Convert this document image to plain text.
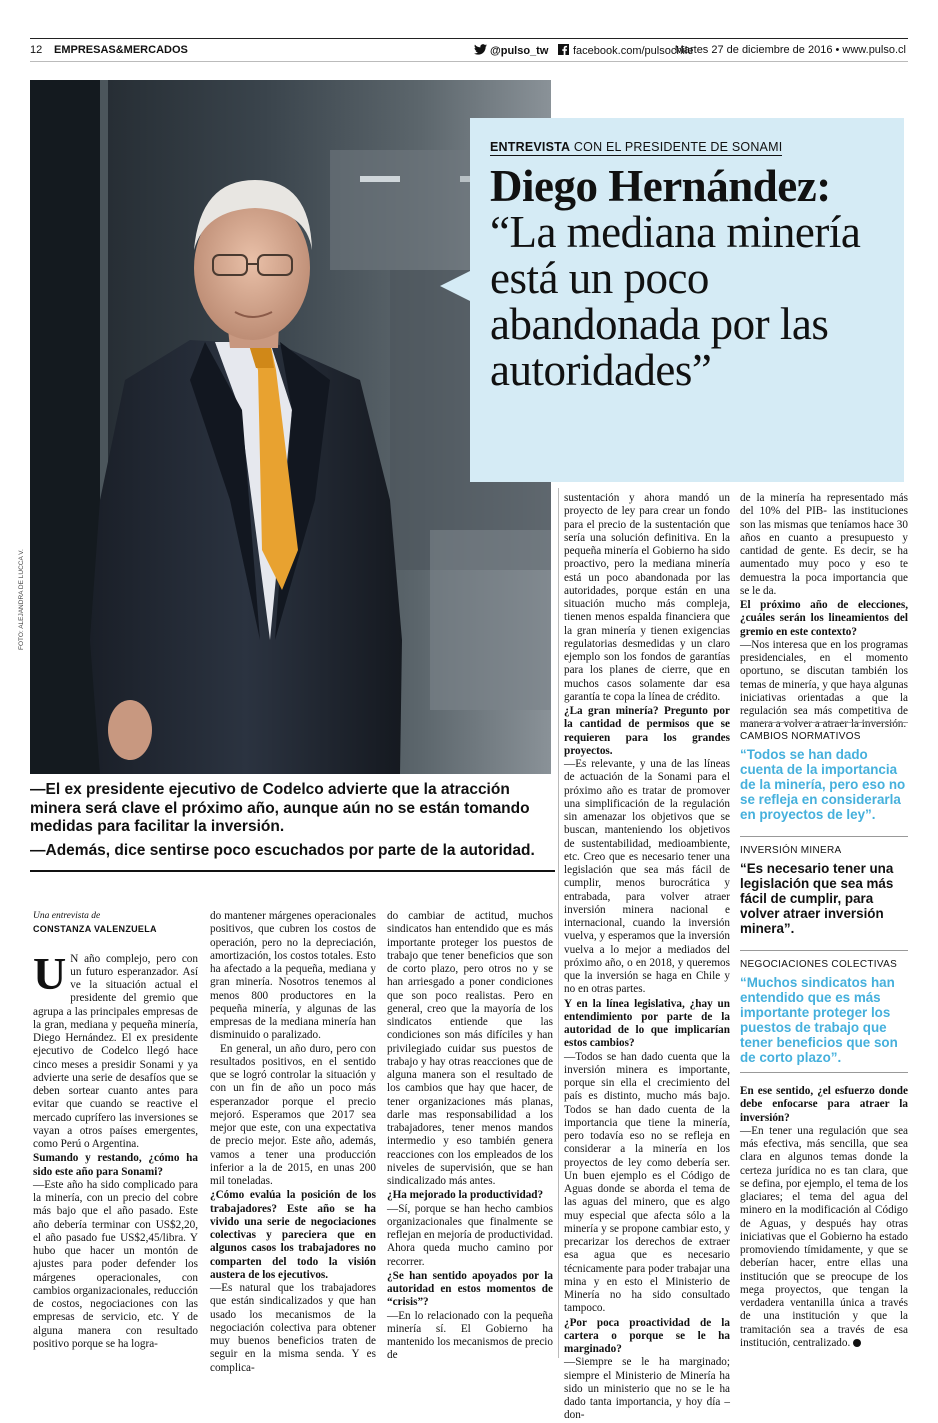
12 EMPRESAS&MERCADOS	@pulso_tw	facebook.com/pulsochile
Martes 27 de diciembre de 2016 • www.pulso.cl
FOTO: ALEJANDRA DE LUCCA V.
ENTREVISTA CON EL PRESIDENTE DE SONAMI
Diego Hernández:
“La mediana minería está un poco abandonada por las autoridades”

—El ex presidente ejecutivo de Codelco advierte que la atracción minera será clave el próximo año, aunque aún no se están tomando medidas para facilitar la inversión.

—Además, dice sentirse poco escuchados por parte de la autoridad.

Una entrevista de
CONSTANZA VALENZUELA

U N año complejo, pero con un futuro esperanzador. Así ve la situación actual el presidente del gremio que agrupa a las principales empresas de la gran, mediana y pequeña minería, Diego Hernández. El ex presidente ejecutivo de Codelco llegó hace cinco meses a presidir Sonami y ya advierte una serie de desafíos que se deben sortear cuanto antes para evitar que cuando se reactive el mercado cuprífero las inversiones se vayan a otros países emergentes, como Perú o Argentina.

Sumando y restando, ¿cómo ha sido este año para Sonami?

—Este año ha sido complicado para la minería, con un precio del cobre más bajo que el año pasado. Este año debería terminar con US$2,20, el año pasado fue US$2,45/libra. Y hubo que hacer un montón de ajustes para poder defender los márgenes operacionales, con cambios organizacionales, reducción de costos, negociaciones con las empresas de servicio, etc. Y de alguna manera con resultado positivo porque se ha logra-

do mantener márgenes operacionales positivos, que cubren los costos de operación, pero no la depreciación, amortización, los costos totales. Esto ha afectado a la pequeña, mediana y gran minería. Nosotros tenemos al menos 800 productores en la pequeña minería, y algunas de las empresas de la mediana minería han disminuido o paralizado.

En general, un año duro, pero con resultados positivos, en el sentido que se logró controlar la situación y con un fin de año un poco más esperanzador porque el precio mejoró. Esperamos que 2017 sea mejor que este, con una expectativa de precio mejor. Este año, además, vamos a tener una producción inferior a la de 2015, en unas 200 mil toneladas.

¿Cómo evalúa la posición de los trabajadores? Este año se ha vivido una serie de negociaciones colectivas y pareciera que en algunos casos los trabajadores no comparten del todo la visión austera de los ejecutivos.

—Es natural que los trabajadores que están sindicalizados y que han usado los mecanismos de la negociación colectiva para obtener muy buenos beneficios traten de seguir en la misma senda. Y es complica-

do cambiar de actitud, muchos sindicatos han entendido que es más importante proteger los puestos de trabajo que tener beneficios que son de corto plazo, pero otros no y se han arriesgado a poner condiciones que son poco realistas. Pero en general, creo que la mayoría de los sindicatos entiende que las condiciones son más difíciles y han privilegiado cuidar sus puestos de trabajo y hay otras reacciones que de alguna manera son el resultado de los cambios que hay que hacer, de tener organizaciones más planas, darle mas responsabilidad a los trabajadores, tener menos mandos intermedio y eso también genera reacciones con los empleados de los niveles de supervisión, que se han sindicalizado más antes.

¿Ha mejorado la productividad?

—Sí, porque se han hecho cambios organizacionales que finalmente se reflejan en mejoría de productividad. Ahora queda mucho camino por recorrer.

¿Se han sentido apoyados por la autoridad en estos momentos de “crisis”?

—En lo relacionado con la pequeña minería sí. El Gobierno ha mantenido los mecanismos de precio de

sustentación y ahora mandó un proyecto de ley para crear un fondo para el precio de la sustentación que sería una solución definitiva. En la pequeña minería el Gobierno ha sido proactivo, pero la mediana minería está un poco abandonada por las autoridades, porque están en una situación mucho más compleja, tienen menos espalda financiera que la gran minería y tienen exigencias regulatorias desmedidas y un claro ejemplo son los fondos de garantías para los planes de cierre, que en muchos casos solamente dar esa garantía te copa la línea de crédito.

¿La gran minería? Pregunto por la cantidad de permisos que se requieren para los grandes proyectos.

—Es relevante, y una de las líneas de actuación de la Sonami para el próximo año es tratar de promover una simplificación de la regulación sin amenazar los objetivos que se buscan, manteniendo los objetivos de sustentabilidad, medioambiente, etc. Creo que es necesario tener una legislación que sea más fácil de cumplir, menos burocrática y entrabada, para volver atraer inversión minera nacional e internacional, cuando la inversión vuelva, y esperamos que la inversión vuelva a lo mejor a mediados del próximo año, o en 2018, y queremos que la inversión se haga en Chile y no en otras partes.

Y en la línea legislativa, ¿hay un entendimiento por parte de la autoridad de lo que implicarían estos cambios?

—Todos se han dado cuenta que la inversión minera es importante, porque sin ella el crecimiento del país es distinto, mucho más bajo. Todos se han dado cuenta de la importancia que tiene la minería, pero todavía eso no se refleja en considerar a la minería en los proyectos de ley como debería ser. Un buen ejemplo es el Código de Aguas donde se aborda el tema de las aguas del minero, que es algo muy especial que afecta sólo a la minería y se propone cambiar esto, y precarizar los derechos de extraer esa agua que es necesario técnicamente para poder trabajar una mina y en esto el Ministerio de Minería no ha sido consultado tampoco.

¿Por poca proactividad de la cartera o porque se le ha marginado?

—Siempre se le ha marginado; siempre el Ministerio de Minería ha sido un ministerio que no se le ha dado tanta importancia, y hoy día –don-

de la minería ha representado más del 10% del PIB- las instituciones son las mismas que teníamos hace 30 años en cuanto a presupuesto y cantidad de gente. Es decir, se ha aumentado muy poco y eso te demuestra la poca importancia que se le da.

El próximo año de elecciones, ¿cuáles serán los lineamientos del gremio en este contexto?

—Nos interesa que en los programas presidenciales, en el momento oportuno, se discutan también los temas de minería, y que haya algunas iniciativas orientadas a que la regulación sea más competitiva de manera a volver a atraer la inversión.

En ese sentido, ¿el esfuerzo donde debe enfocarse para atraer la inversión?

—En tener una regulación que sea más efectiva, más sencilla, que sea clara en algunos temas donde la certeza jurídica no es tan clara, que se defina, por ejemplo, el tema de los glaciares; el tema del agua del minero en la modificación al Código de Aguas, y después hay otras iniciativas que el Gobierno ha estado promoviendo tímidamente, y que se deberían hacer, entre ellas una institución que se preocupe de los mega proyectos, que tengan la verdadera ventanilla única a través de una institución y que la tramitación sea a través de esa institución, centralizado.

CAMBIOS NORMATIVOS
“Todos se han dado cuenta de la importancia de la minería, pero eso no se refleja en considerarla en proyectos de ley”.
INVERSIÓN MINERA
“Es necesario tener una legislación que sea más fácil de cumplir, para volver atraer inversión minera”.
NEGOCIACIONES COLECTIVAS
“Muchos sindicatos han entendido que es más importante proteger los puestos de trabajo que tener beneficios que son de corto plazo”.
